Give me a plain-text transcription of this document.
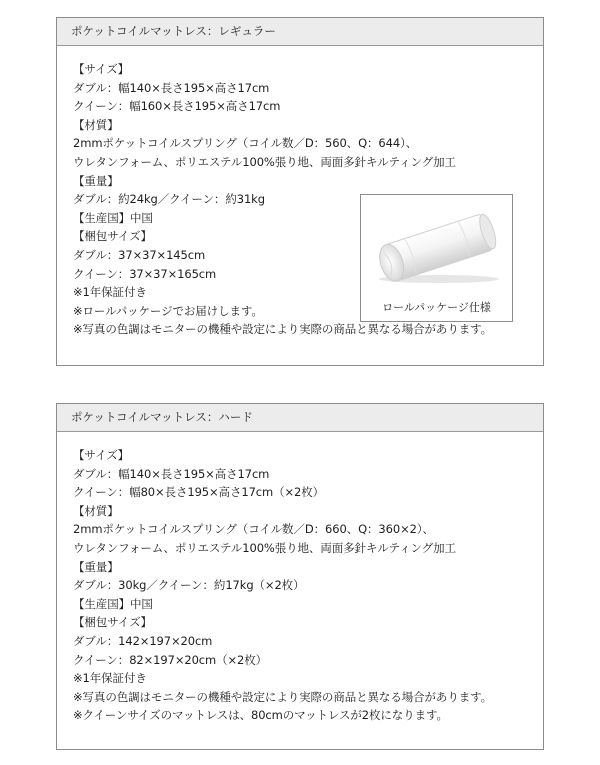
ポケットコイルマットレス：レギュラー
【サイズ】
ダブル：幅140×長さ195×高さ17cm
クイーン：幅160×長さ195×高さ17cm
【材質】
2mmポケットコイルスプリング（コイル数／D：560、Q：644）、
ウレタンフォーム、ポリエステル100%張り地、両面多針キルティング加工
【重量】
ダブル：約24kg／クイーン：約31kg
【生産国】中国
【梱包サイズ】
ダブル：37×37×145cm
クイーン：37×37×165cm
※1年保証付き
※ロールパッケージでお届けします。
※写真の色調はモニターの機種や設定により実際の商品と異なる場合があります。
ロールパッケージ仕様
ポケットコイルマットレス：ハード
【サイズ】
ダブル：幅140×長さ195×高さ17cm
クイーン：幅80×長さ195×高さ17cm（×2枚）
【材質】
2mmポケットコイルスプリング（コイル数／D：660、Q：360×2）、
ウレタンフォーム、ポリエステル100%張り地、両面多針キルティング加工
【重量】
ダブル：30kg／クイーン：約17kg（×2枚）
【生産国】中国
【梱包サイズ】
ダブル：142×197×20cm
クイーン：82×197×20cm（×2枚）
※1年保証付き
※写真の色調はモニターの機種や設定により実際の商品と異なる場合があります。
※クイーンサイズのマットレスは、80cmのマットレスが2枚になります。
